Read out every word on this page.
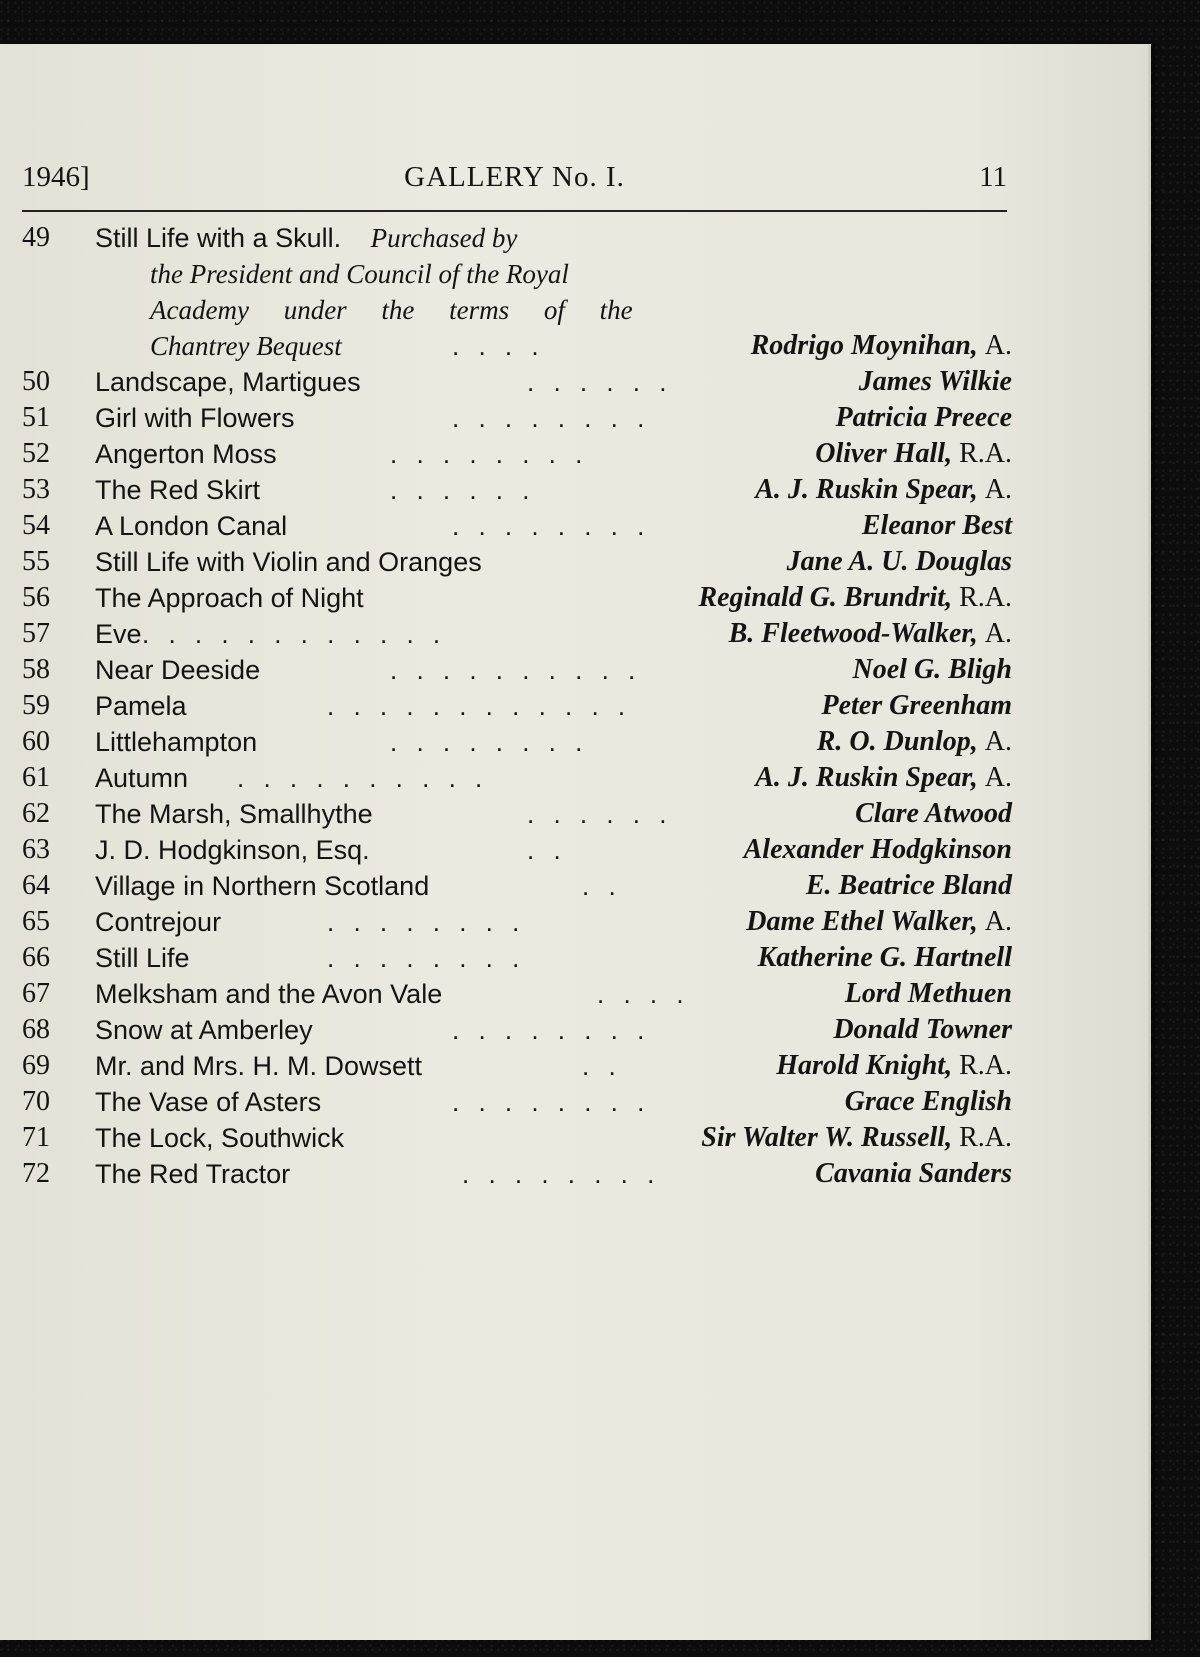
1946]	GALLERY No. I.	11
49	Still Life with a Skull. Purchased by
the President and Council of the Royal
Academy under the terms of the
Chantrey Bequest	. . . .	Rodrigo Moynihan, A.
50	Landscape, Martigues	. . . . . .	James Wilkie
51	Girl with Flowers	. . . . . . . .	Patricia Preece
52	Angerton Moss	. . . . . . . .	Oliver Hall, R.A.
53	The Red Skirt	. . . . . .	A. J. Ruskin Spear, A.
54	A London Canal	. . . . . . . .	Eleanor Best
55	Still Life with Violin and Oranges	Jane A. U. Douglas
56	The Approach of Night	Reginald G. Brundrit, R.A.
57	Eve . . . . . . . . . . . .	B. Fleetwood-Walker, A.
58	Near Deeside	. . . . . . . . . .	Noel G. Bligh
59	Pamela	. . . . . . . . . . . .	Peter Greenham
60	Littlehampton	. . . . . . . .	R. O. Dunlop, A.
61	Autumn . . . . . . . . . .	A. J. Ruskin Spear, A.
62	The Marsh, Smallhythe	. . . . . .	Clare Atwood
63	J. D. Hodgkinson, Esq.	. .	Alexander Hodgkinson
64	Village in Northern Scotland	. .	E. Beatrice Bland
65	Contrejour	. . . . . . . .	Dame Ethel Walker, A.
66	Still Life	. . . . . . . .	Katherine G. Hartnell
67	Melksham and the Avon Vale	. . . .	Lord Methuen
68	Snow at Amberley	. . . . . . . .	Donald Towner
69	Mr. and Mrs. H. M. Dowsett	. .	Harold Knight, R.A.
70	The Vase of Asters	. . . . . . . .	Grace English
71	The Lock, Southwick	Sir Walter W. Russell, R.A.
72	The Red Tractor	. . . . . . . .	Cavania Sanders
